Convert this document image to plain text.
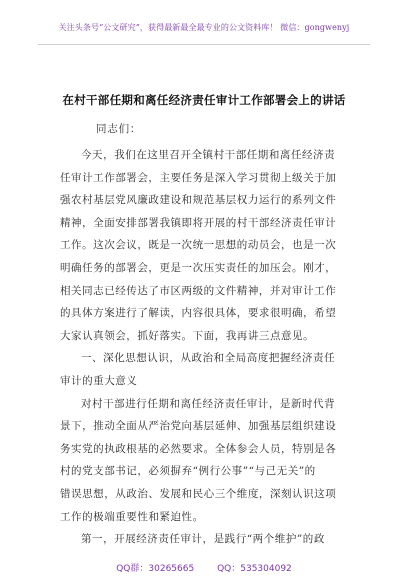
关注头条号“公文研究”，获得最新最全最专业的公文资料库！ 微信：gongwenyj
在村干部任期和离任经济责任审计工作部署会上的讲话
同志们：
今天，我们在这里召开全镇村干部任期和离任经济责
任审计工作部署会，主要任务是深入学习贯彻上级关于加
强农村基层党风廉政建设和规范基层权力运行的系列文件
精神，全面安排部署我镇即将开展的村干部经济责任审计
工作。这次会议，既是一次统一思想的动员会，也是一次
明确任务的部署会，更是一次压实责任的加压会。刚才，
相关同志已经传达了市区两级的文件精神，并对审计工作
的具体方案进行了解读，内容很具体，要求很明确，希望
大家认真领会，抓好落实。下面，我再讲三点意见。
一、深化思想认识，从政治和全局高度把握经济责任
审计的重大意义
对村干部进行任期和离任经济责任审计，是新时代背
景下，推动全面从严治党向基层延伸、加强基层组织建设
务实党的执政根基的必然要求。全体参会人员，特别是各
村的党支部书记，必须摒弃“例行公事”“与己无关”的
错误思想，从政治、发展和民心三个维度，深刻认识这项
工作的极端重要性和紧迫性。
第一，开展经济责任审计，是践行“两个维护”的政
QQ群：30265665	QQ：535304092
